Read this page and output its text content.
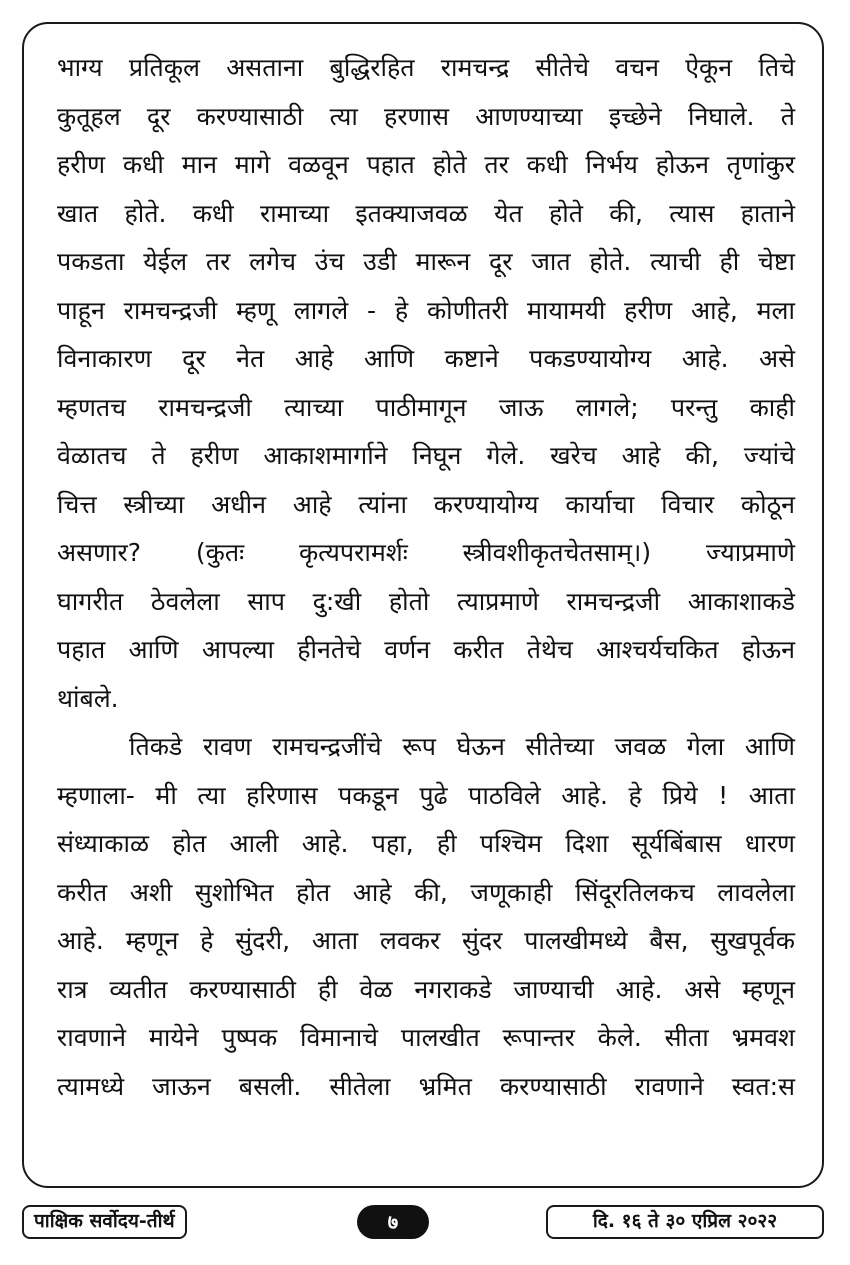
भाग्य प्रतिकूल असताना बुद्धिरहित रामचन्द्र सीतेचे वचन ऐकून तिचे
कुतूहल दूर करण्यासाठी त्या हरणास आणण्याच्या इच्छेने निघाले. ते
हरीण कधी मान मागे वळवून पहात होते तर कधी निर्भय होऊन तृणांकुर
खात होते. कधी रामाच्या इतक्याजवळ येत होते की, त्यास हाताने
पकडता येईल तर लगेच उंच उडी मारून दूर जात होते. त्याची ही चेष्टा
पाहून रामचन्द्रजी म्हणू लागले - हे कोणीतरी मायामयी हरीण आहे, मला
विनाकारण दूर नेत आहे आणि कष्टाने पकडण्यायोग्य आहे. असे
म्हणतच रामचन्द्रजी त्याच्या पाठीमागून जाऊ लागले; परन्तु काही
वेळातच ते हरीण आकाशमार्गाने निघून गेले. खरेच आहे की, ज्यांचे
चित्त स्त्रीच्या अधीन आहे त्यांना करण्यायोग्य कार्याचा विचार कोठून
असणार? (कुतः कृत्यपरामर्शः स्त्रीवशीकृतचेतसाम्।) ज्याप्रमाणे
घागरीत ठेवलेला साप दु:खी होतो त्याप्रमाणे रामचन्द्रजी आकाशाकडे
पहात आणि आपल्या हीनतेचे वर्णन करीत तेथेच आश्चर्यचकित होऊन
थांबले.
तिकडे रावण रामचन्द्रजींचे रूप घेऊन सीतेच्या जवळ गेला आणि
म्हणाला- मी त्या हरिणास पकडून पुढे पाठविले आहे. हे प्रिये ! आता
संध्याकाळ होत आली आहे. पहा, ही पश्चिम दिशा सूर्यबिंबास धारण
करीत अशी सुशोभित होत आहे की, जणूकाही सिंदूरतिलकच लावलेला
आहे. म्हणून हे सुंदरी, आता लवकर सुंदर पालखीमध्ये बैस, सुखपूर्वक
रात्र व्यतीत करण्यासाठी ही वेळ नगराकडे जाण्याची आहे. असे म्हणून
रावणाने मायेने पुष्पक विमानाचे पालखीत रूपान्तर केले. सीता भ्रमवश
त्यामध्ये जाऊन बसली. सीतेला भ्रमित करण्यासाठी रावणाने स्वत:स
पाक्षिक सर्वोदय-तीर्थ	७	दि. १६ ते ३० एप्रिल २०२२
